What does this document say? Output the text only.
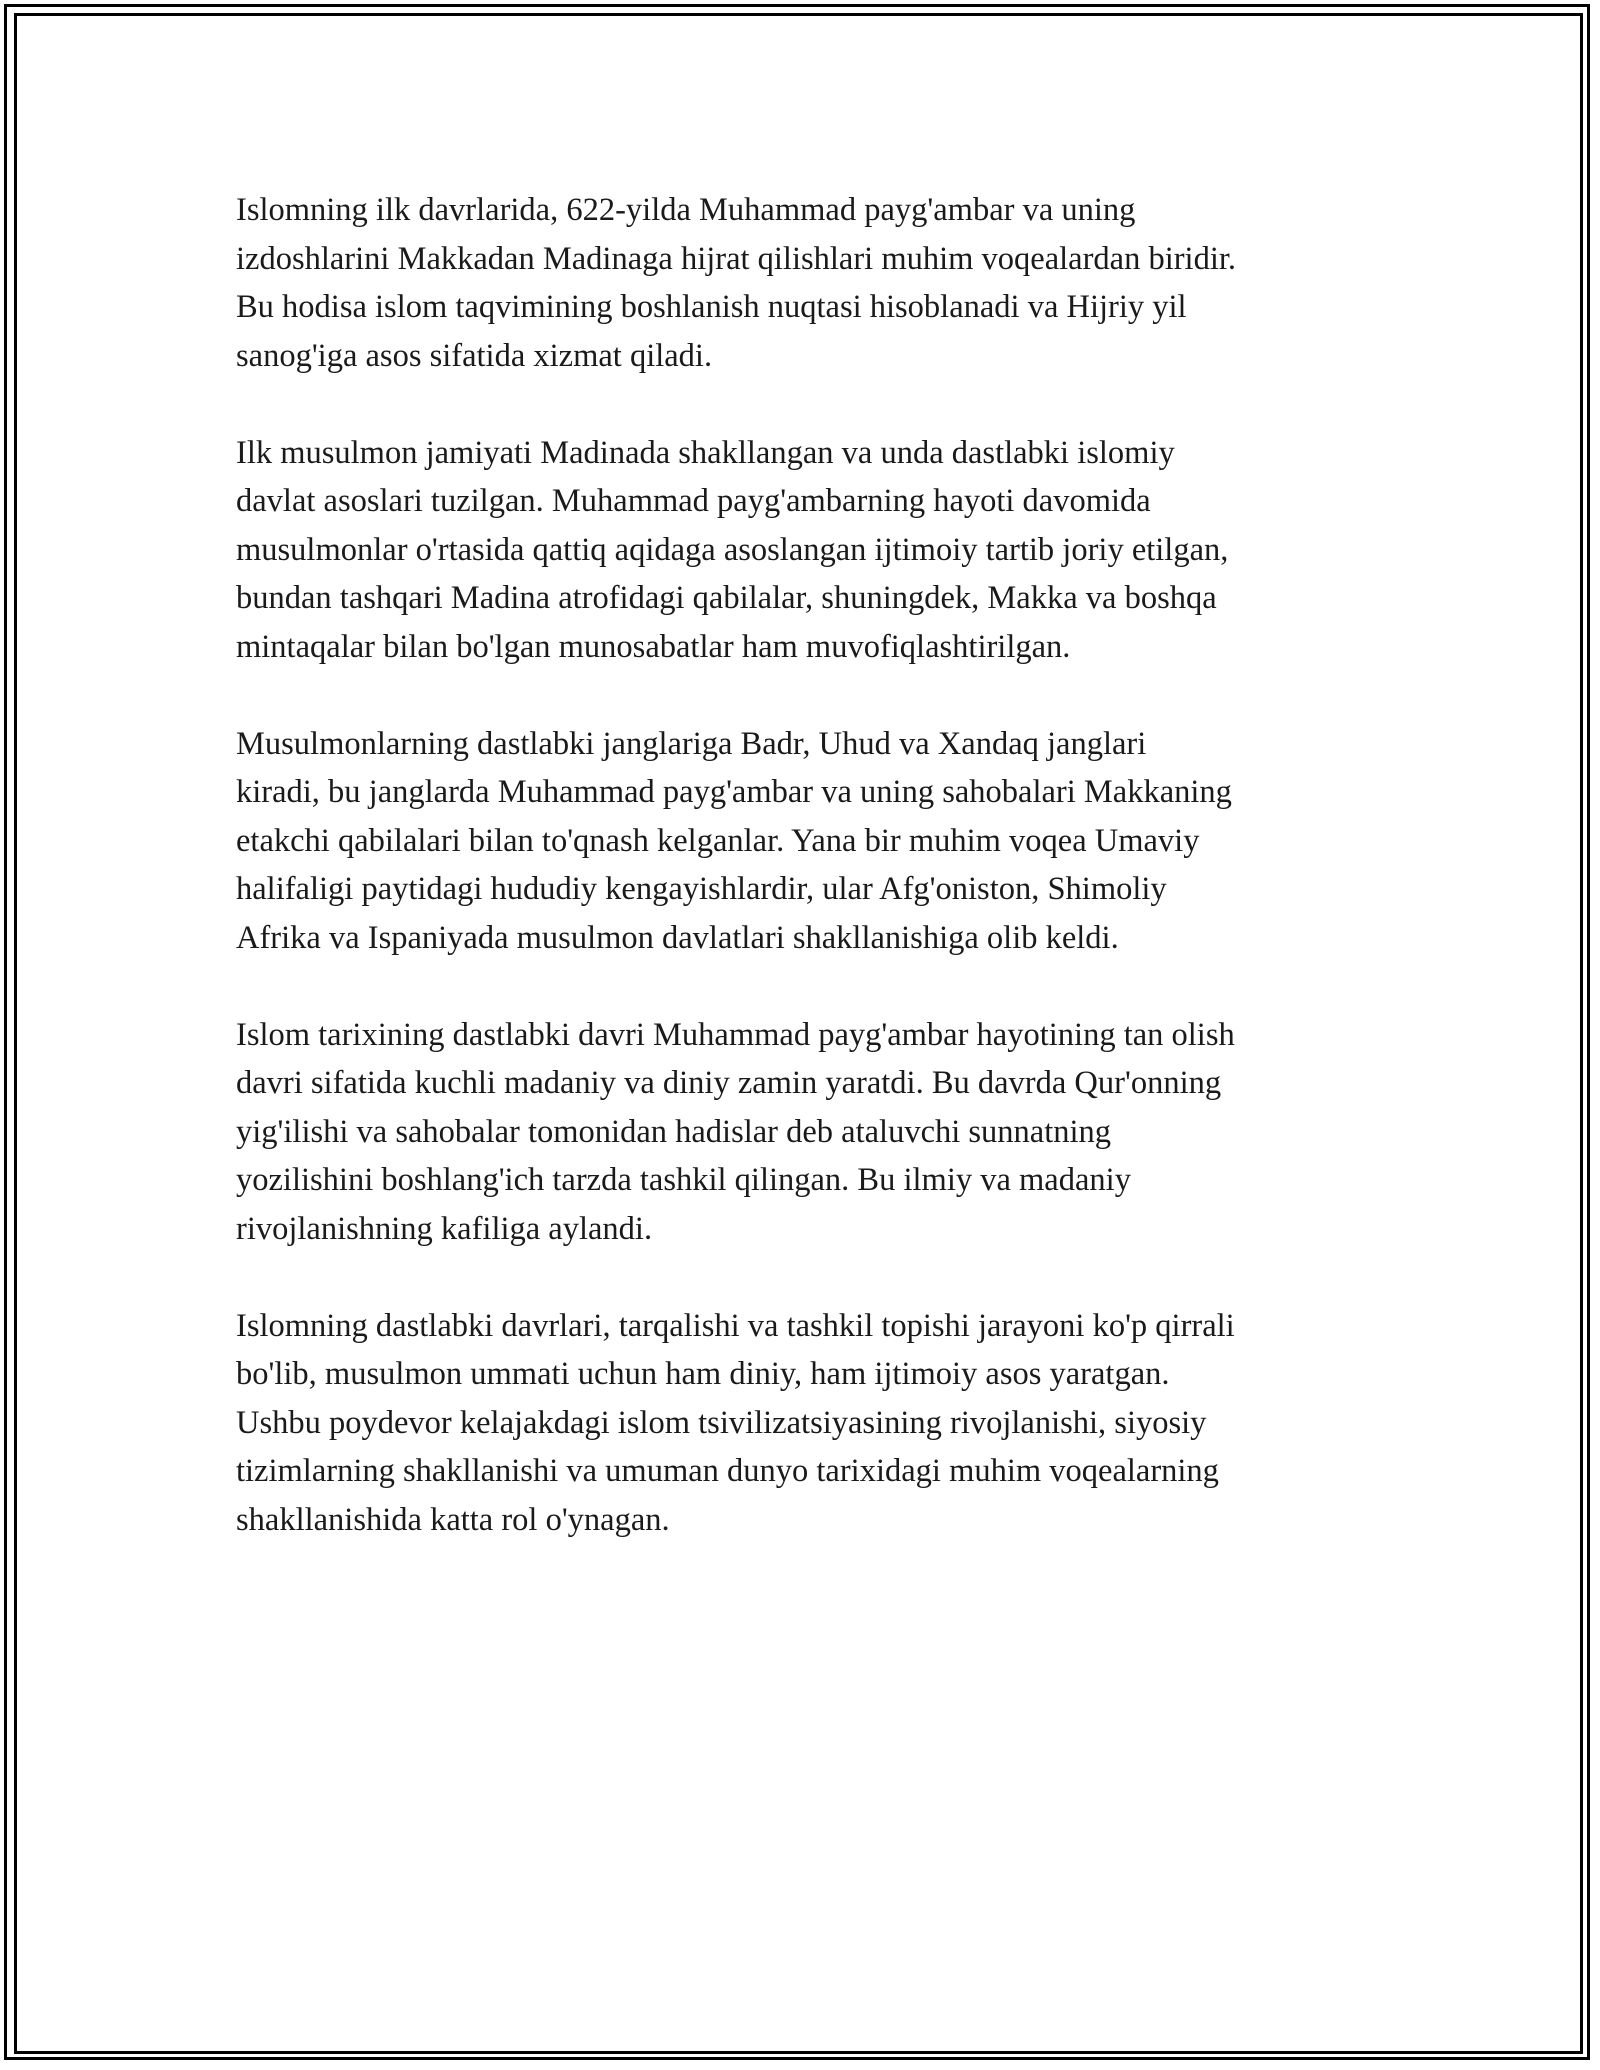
Islomning ilk davrlarida, 622-yilda Muhammad payg'ambar va uning
izdoshlarini Makkadan Madinaga hijrat qilishlari muhim voqealardan biridir.
Bu hodisa islom taqvimining boshlanish nuqtasi hisoblanadi va Hijriy yil
sanog'iga asos sifatida xizmat qiladi.

Ilk musulmon jamiyati Madinada shakllangan va unda dastlabki islomiy
davlat asoslari tuzilgan. Muhammad payg'ambarning hayoti davomida
musulmonlar o'rtasida qattiq aqidaga asoslangan ijtimoiy tartib joriy etilgan,
bundan tashqari Madina atrofidagi qabilalar, shuningdek, Makka va boshqa
mintaqalar bilan bo'lgan munosabatlar ham muvofiqlashtirilgan.

Musulmonlarning dastlabki janglariga Badr, Uhud va Xandaq janglari
kiradi, bu janglarda Muhammad payg'ambar va uning sahobalari Makkaning
etakchi qabilalari bilan to'qnash kelganlar. Yana bir muhim voqea Umaviy
halifaligi paytidagi hududiy kengayishlardir, ular Afg'oniston, Shimoliy
Afrika va Ispaniyada musulmon davlatlari shakllanishiga olib keldi.

Islom tarixining dastlabki davri Muhammad payg'ambar hayotining tan olish
davri sifatida kuchli madaniy va diniy zamin yaratdi. Bu davrda Qur'onning
yig'ilishi va sahobalar tomonidan hadislar deb ataluvchi sunnatning
yozilishini boshlang'ich tarzda tashkil qilingan. Bu ilmiy va madaniy
rivojlanishning kafiliga aylandi.

Islomning dastlabki davrlari, tarqalishi va tashkil topishi jarayoni ko'p qirrali
bo'lib, musulmon ummati uchun ham diniy, ham ijtimoiy asos yaratgan.
Ushbu poydevor kelajakdagi islom tsivilizatsiyasining rivojlanishi, siyosiy
tizimlarning shakllanishi va umuman dunyo tarixidagi muhim voqealarning
shakllanishida katta rol o'ynagan.
